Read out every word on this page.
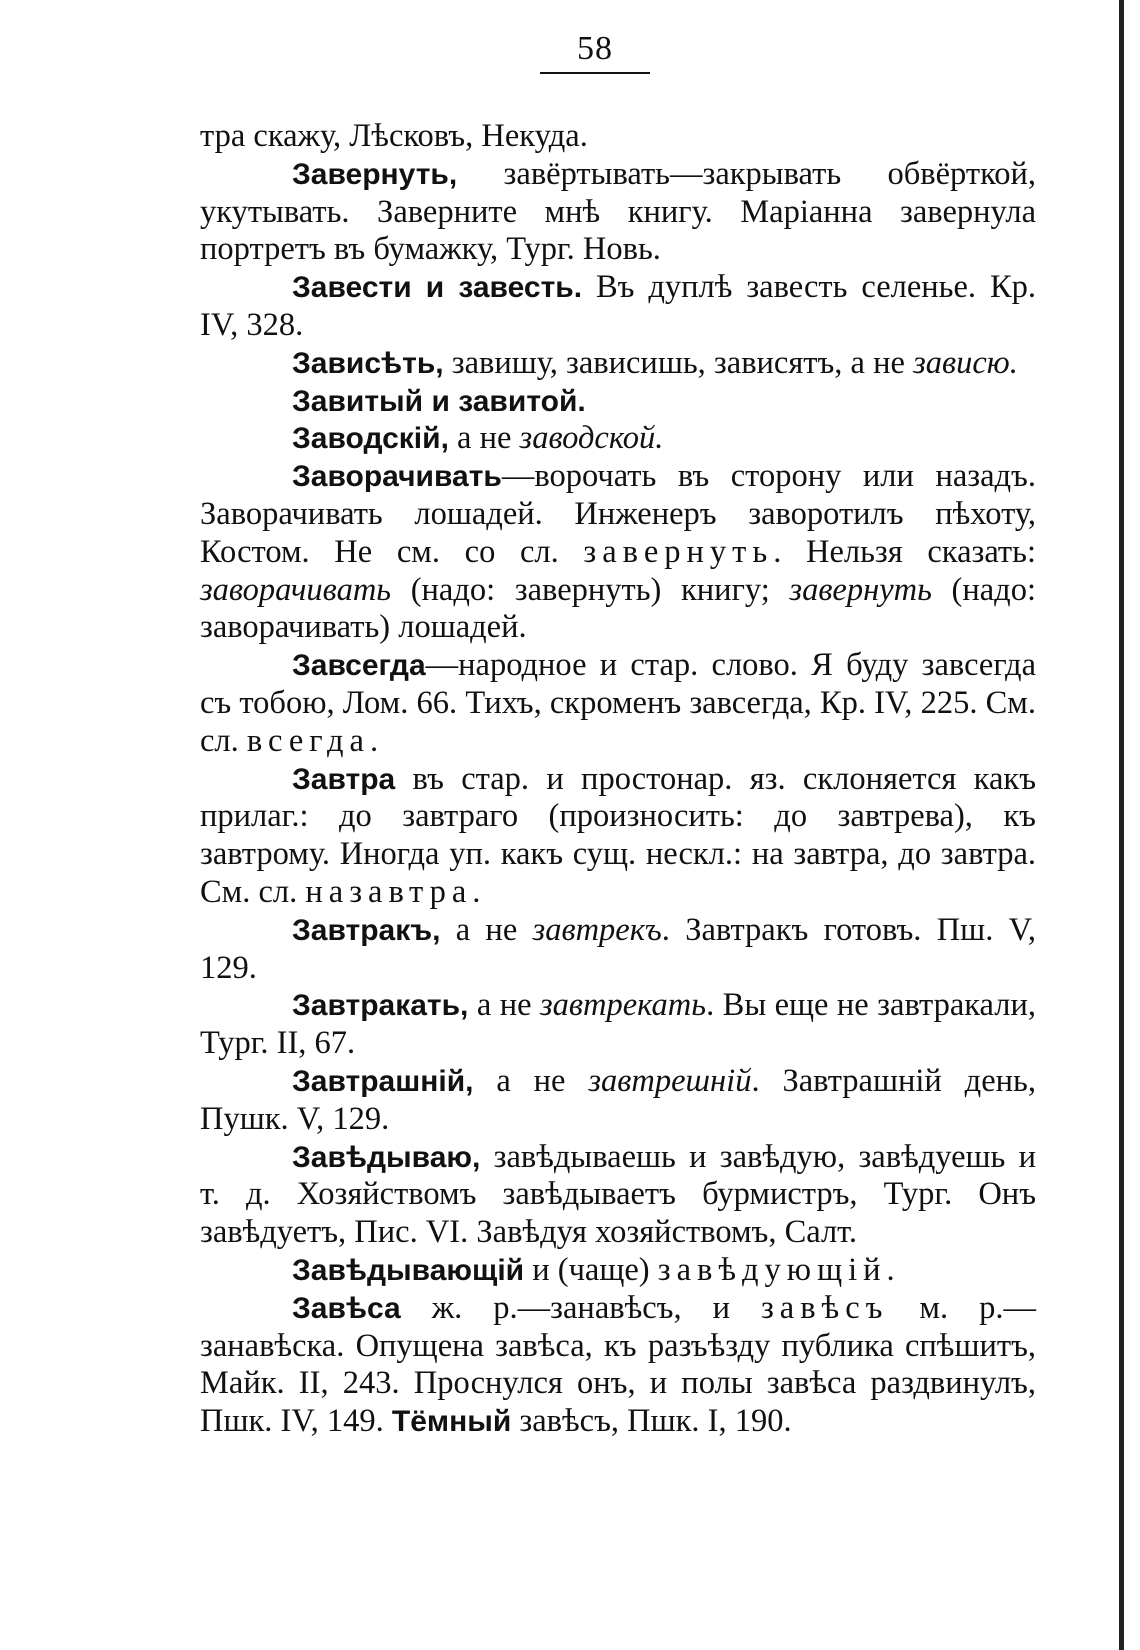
58

тра скажу, Лѣсковъ, Некуда.

Завернуть, завёртывать—закрывать обвёрткой, укутывать. Заверните мнѣ книгу. Маріанна завернула портретъ въ бумажку, Тург. Новь.

Завести и завесть. Въ дуплѣ завесть селенье. Кр. IV, 328.

Зависѣть, завишу, зависишь, зависятъ, а не зависю.

Завитый и завитой.

Заводскій, а не заводской.

Заворачивать—ворочать въ сторону или назадъ. Заворачивать лошадей. Инженеръ заворотилъ пѣхоту, Костом. Не см. со сл. завернуть. Нельзя сказать: заворачивать (надо: завернуть) книгу; завернуть (надо: заворачивать) лошадей.

Завсегда—народное и стар. слово. Я буду завсегда съ тобою, Лом. 66. Тихъ, скроменъ завсегда, Кр. IV, 225. См. сл. всегда.

Завтра въ стар. и простонар. яз. склоняется какъ прилаг.: до завтраго (произносить: до завтрева), къ завтрому. Иногда уп. какъ сущ. нескл.: на завтра, до завтра. См. сл. назавтра.

Завтракъ, а не завтрекъ. Завтракъ готовъ. Пш. V, 129.

Завтракать, а не завтрекать. Вы еще не завтракали, Тург. II, 67.

Завтрашній, а не завтрешній. Завтрашній день, Пушк. V, 129.

Завѣдываю, завѣдываешь и завѣдую, завѣдуешь и т. д. Хозяйствомъ завѣдываетъ бурмистръ, Тург. Онъ завѣдуетъ, Пис. VI. Завѣдуя хозяйствомъ, Салт.

Завѣдывающій и (чаще) завѣдующій.

Завѣса ж. р.—занавѣсъ, и завѣсъ м. р.—занавѣска. Опущена завѣса, къ разъѣзду публика спѣшитъ, Майк. II, 243. Проснулся онъ, и полы завѣса раздвинулъ, Пшк. IV, 149. Тёмный завѣсъ, Пшк. I, 190.
